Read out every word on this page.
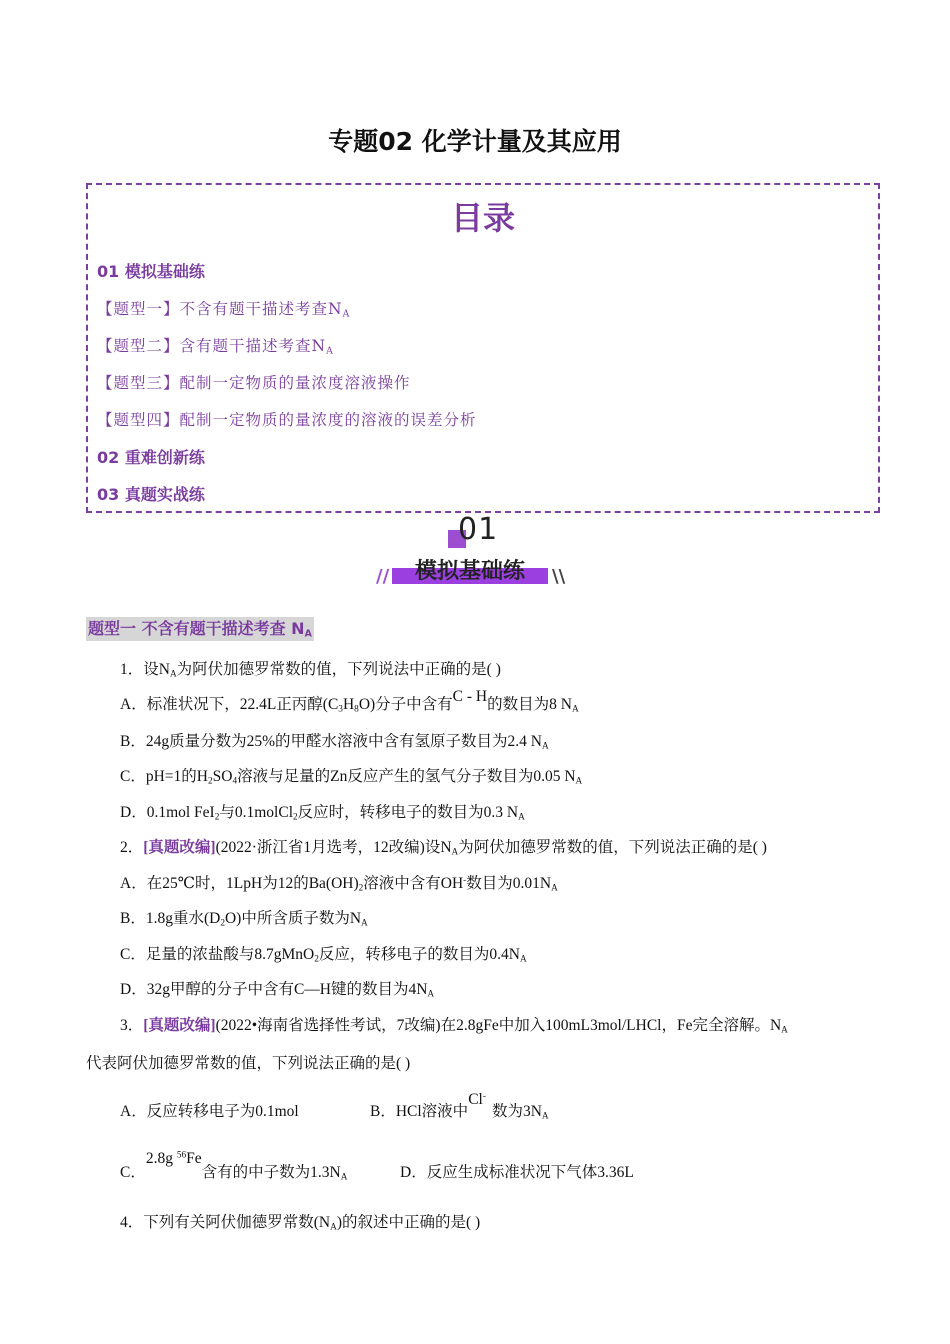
专题02 化学计量及其应用
目录
01 模拟基础练
【题型一】不含有题干描述考查$N_A$
【题型二】含有题干描述考查$N_A$
【题型三】配制一定物质的量浓度溶液操作
【题型四】配制一定物质的量浓度的溶液的误差分析
02 重难创新练
03 真题实战练
01
模拟基础练
//	\\
题型一 不含有题干描述考查 $N_A$
1．设$N_A$为阿伏加德罗常数的值，下列说法中正确的是( )
A．标准状况下，22.4L正丙醇$(C_3H_8O)$分子中含有C - H的数目为8 $N_A$
B．24g质量分数为25%的甲醛水溶液中含有氢原子数目为2.4 $N_A$
C．pH=1的$H_2SO_4$溶液与足量的Zn反应产生的氢气分子数目为0.05 $N_A$
D．0.1mol FeI$_2$与0.1molCl$_2$反应时，转移电子的数目为0.3 $N_A$
2．[真题改编](2022·浙江省1月选考，12改编)设$N_A$为阿伏加德罗常数的值，下列说法正确的是( )
A．在25℃时，1LpH为12的$Ba(OH)_2$溶液中含有OH-数目为$0.01N_A$
B．1.8g重水$(D_2O)$中所含质子数为$N_A$
C．足量的浓盐酸与8.7gMnO$_2$反应，转移电子的数目为$0.4N_A$
D．32g甲醇的分子中含有C—H键的数目为$4N_A$
3．[真题改编](2022•海南省选择性考试，7改编)在2.8gFe中加入100mL3mol/LHCl，Fe完全溶解。$N_A$
代表阿伏加德罗常数的值，下列说法正确的是( )
A．反应转移电子为0.1mol	B．HCl溶液中Cl-数为$3N_A$
C．2.8g $^{56}$Fe含有的中子数为$1.3N_A$	D．反应生成标准状况下气体3.36L
4．下列有关阿伏伽德罗常数$(N_A)$的叙述中正确的是( )
